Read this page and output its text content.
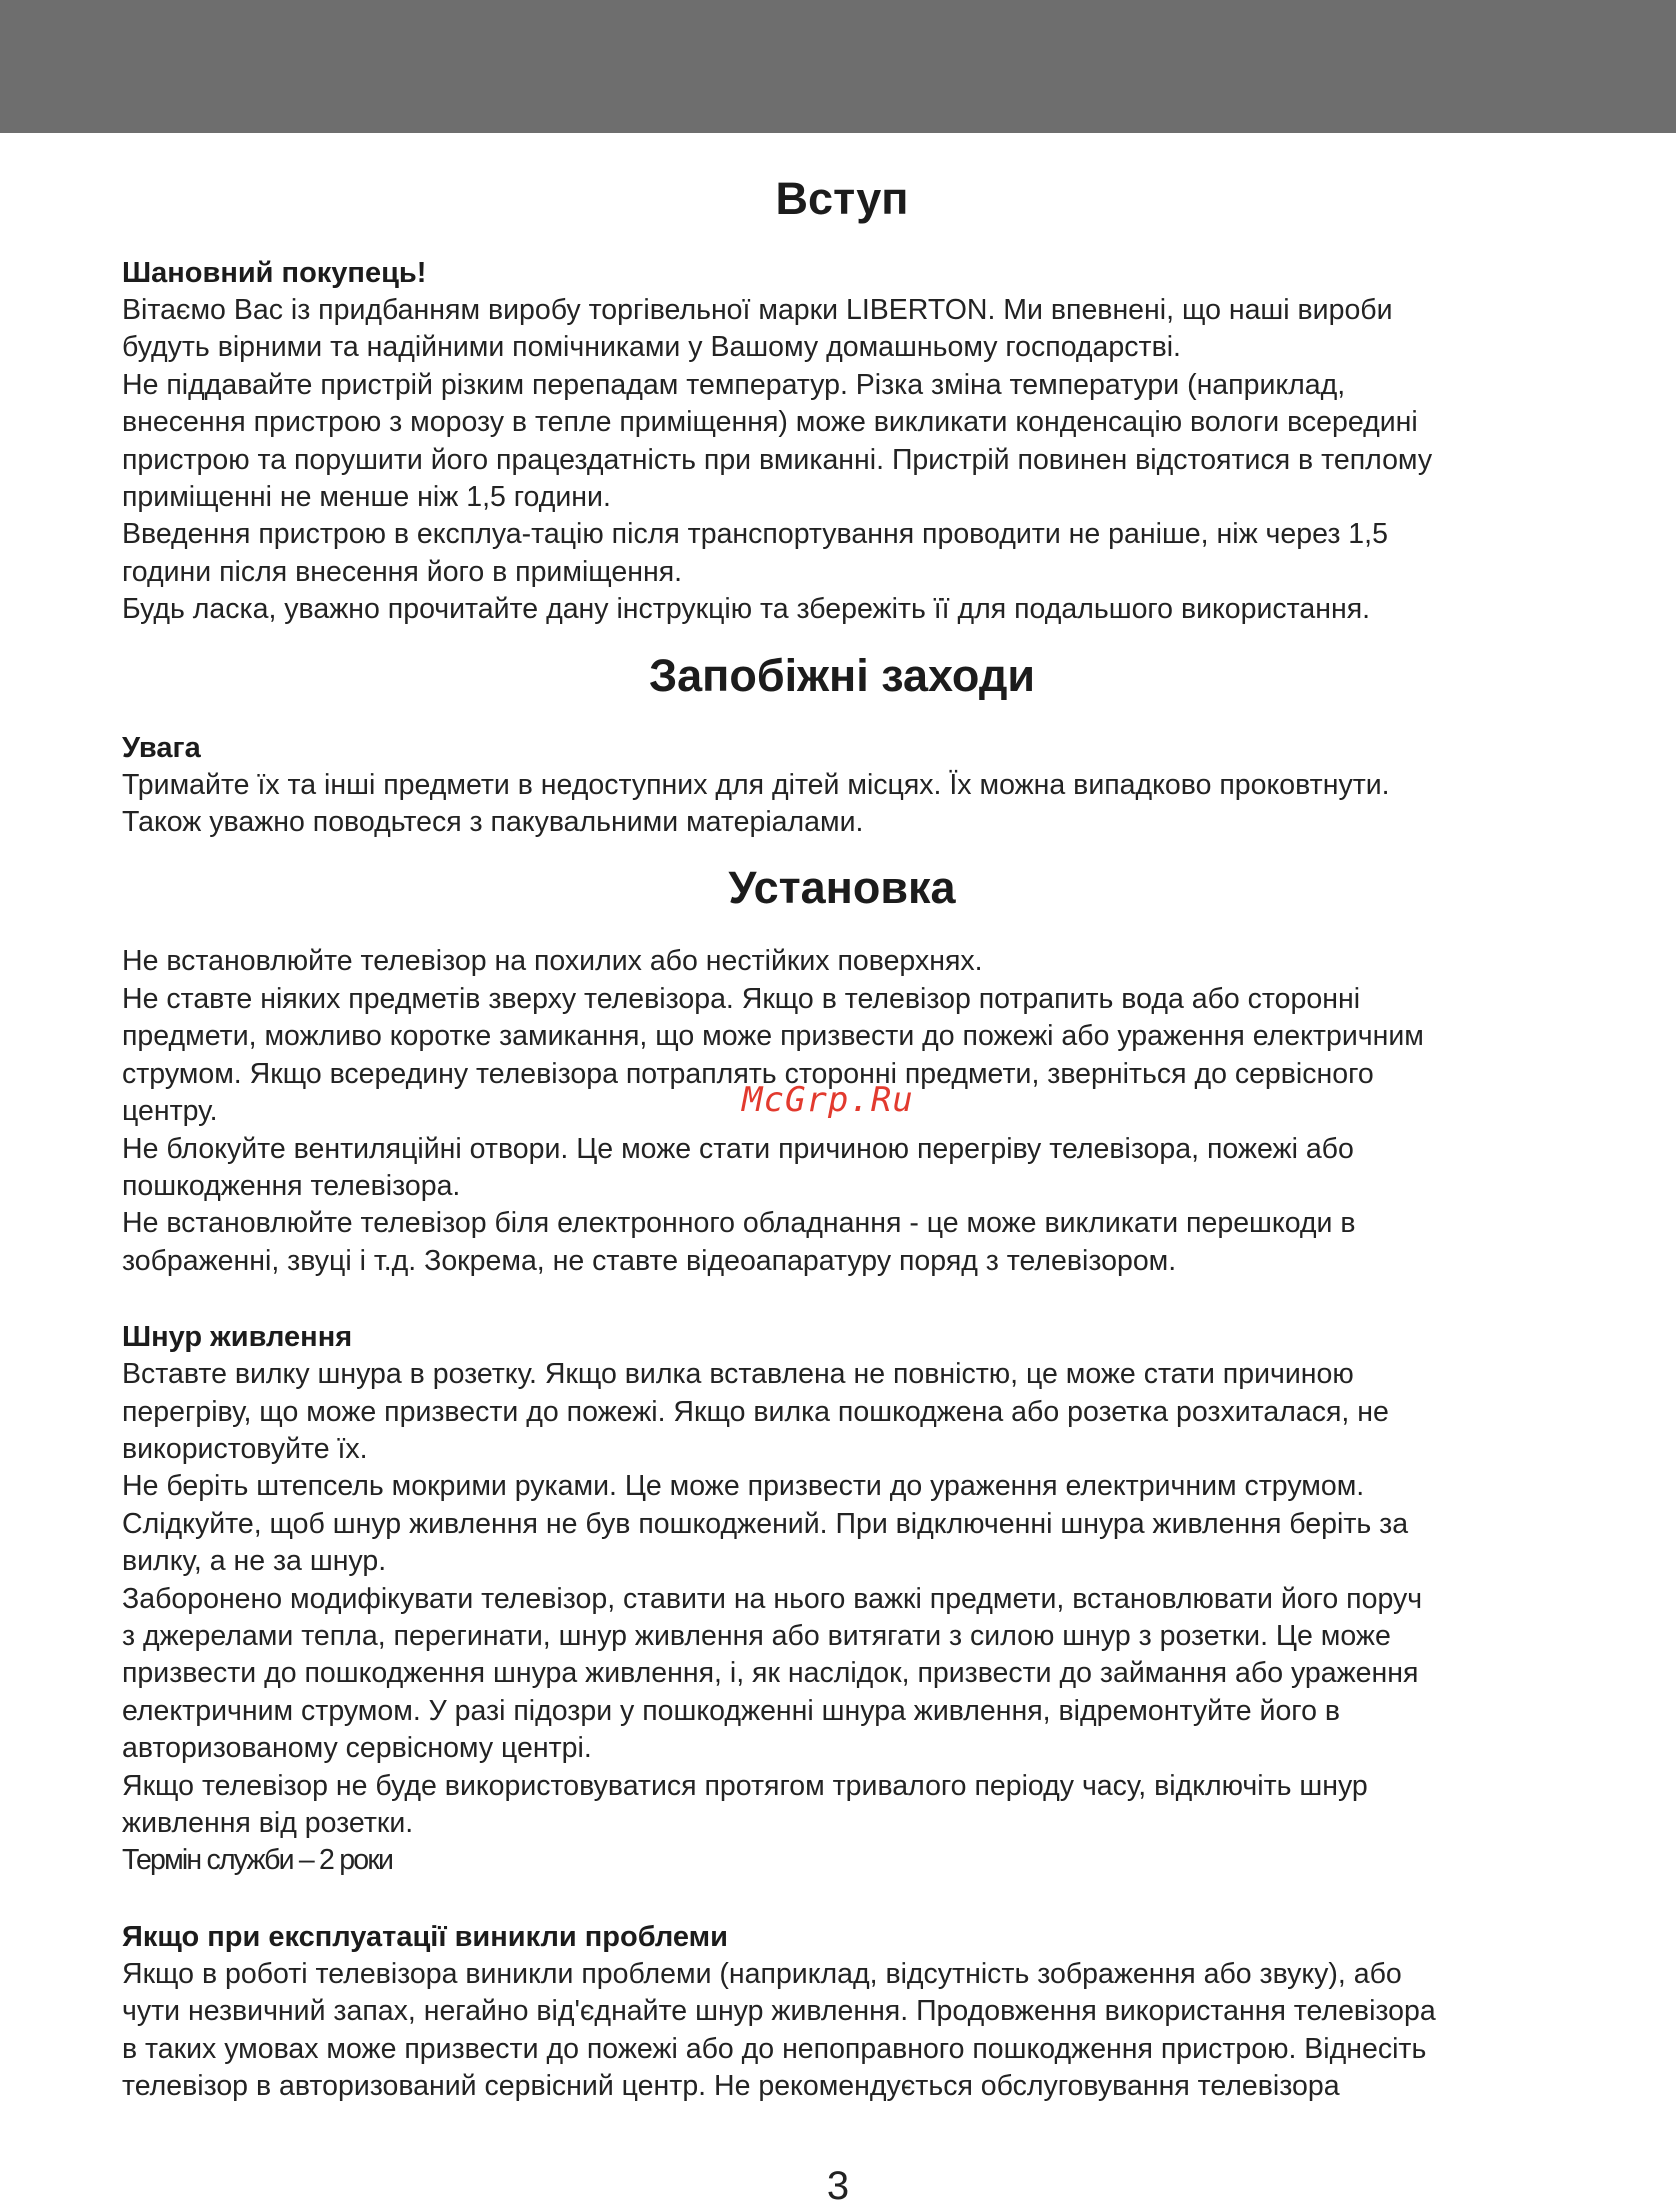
Вступ
Шановний покупець!

Вітаємо Вас із придбанням виробу торгівельної марки LIBERTON. Ми впевнені, що наші вироби

будуть вірними та надійними помічниками у Вашому домашньому господарстві.

Не піддавайте пристрій різким перепадам температур. Різка зміна температури (наприклад,

внесення пристрою з морозу в тепле приміщення) може викликати конденсацію вологи всередині

пристрою та порушити його працездатність при вмиканні. Пристрій повинен відстоятися в теплому

приміщенні не менше ніж 1,5 години.

Введення пристрою в експлуа-тацію після транспортування проводити не раніше, ніж через 1,5

години після внесення його в приміщення.

Будь ласка, уважно прочитайте дану інструкцію та збережіть її для подальшого використання.

Запобіжні заходи
Увага

Тримайте їх та інші предмети в недоступних для дітей місцях. Їх можна випадково проковтнути.

Також уважно поводьтеся з пакувальними матеріалами.

Установка

Не встановлюйте телевізор на похилих або нестійких поверхнях.

Не ставте ніяких предметів зверху телевізора. Якщо в телевізор потрапить вода або сторонні

предмети, можливо коротке замикання, що може призвести до пожежі або ураження електричним

струмом. Якщо всередину телевізора потраплять сторонні предмети, зверніться до сервісного

центру.

Не блокуйте вентиляційні отвори. Це може стати причиною перегріву телевізора, пожежі або

пошкодження телевізора.

Не встановлюйте телевізор біля електронного обладнання - це може викликати перешкоди в

зображенні, звуці і т.д. Зокрема, не ставте відеоапаратуру поряд з телевізором.

Шнур живлення

Вставте вилку шнура в розетку. Якщо вилка вставлена не повністю, це може стати причиною

перегріву, що може призвести до пожежі. Якщо вилка пошкоджена або розетка розхиталася, не

використовуйте їх.

Не беріть штепсель мокрими руками. Це може призвести до ураження електричним струмом.

Слідкуйте, щоб шнур живлення не був пошкоджений. При відключенні шнура живлення беріть за

вилку, а не за шнур.

Заборонено модифікувати телевізор, ставити на нього важкі предмети, встановлювати його поруч

з джерелами тепла, перегинати, шнур живлення або витягати з силою шнур з розетки. Це може

призвести до пошкодження шнура живлення, і, як наслідок, призвести до займання або ураження

електричним струмом. У разі підозри у пошкодженні шнура живлення, відремонтуйте його в

авторизованому сервісному центрі.

Якщо телевізор не буде використовуватися протягом тривалого періоду часу, відключіть шнур

живлення від розетки.

Термін служби – 2 роки

Якщо при експлуатації виникли проблеми

Якщо в роботі телевізора виникли проблеми (наприклад, відсутність зображення або звуку), або

чути незвичний запах, негайно від'єднайте шнур живлення. Продовження використання телевізора

в таких умовах може призвести до пожежі або до непоправного пошкодження пристрою. Віднесіть

телевізор в авторизований сервісний центр. Не рекомендується обслуговування телевізора

McGrp.Ru
3
